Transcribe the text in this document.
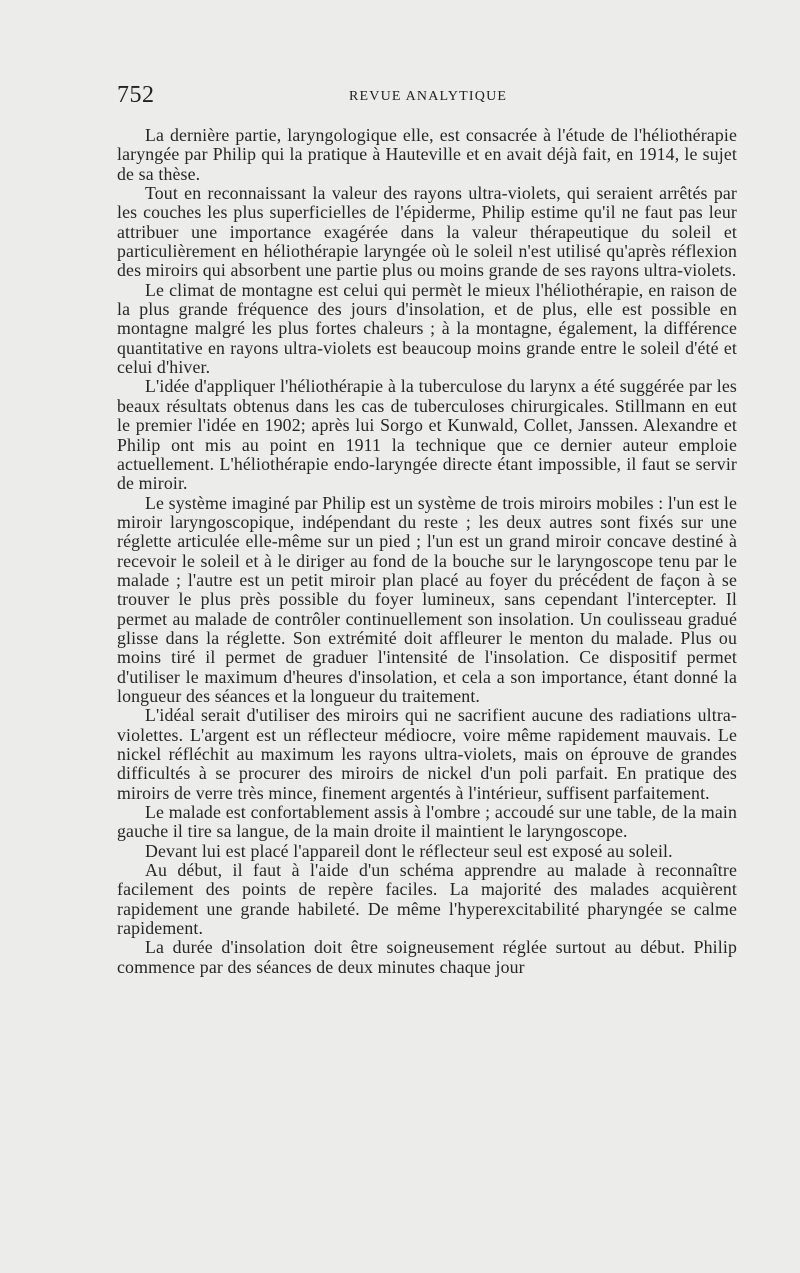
752	REVUE ANALYTIQUE

La dernière partie, laryngologique elle, est consacrée à l'étude de l'héliothérapie laryngée par Philip qui la pratique à Hauteville et en avait déjà fait, en 1914, le sujet de sa thèse.

Tout en reconnaissant la valeur des rayons ultra-violets, qui seraient arrêtés par les couches les plus superficielles de l'épiderme, Philip estime qu'il ne faut pas leur attribuer une importance exagérée dans la valeur thérapeutique du soleil et particulièrement en héliothérapie laryngée où le soleil n'est utilisé qu'après réflexion des miroirs qui absorbent une partie plus ou moins grande de ses rayons ultra-violets.

Le climat de montagne est celui qui permèt le mieux l'héliothérapie, en raison de la plus grande fréquence des jours d'insolation, et de plus, elle est possible en montagne malgré les plus fortes chaleurs ; à la montagne, également, la différence quantitative en rayons ultra-violets est beaucoup moins grande entre le soleil d'été et celui d'hiver.

L'idée d'appliquer l'héliothérapie à la tuberculose du larynx a été suggérée par les beaux résultats obtenus dans les cas de tuberculoses chirurgicales. Stillmann en eut le premier l'idée en 1902; après lui Sorgo et Kunwald, Collet, Janssen. Alexandre et Philip ont mis au point en 1911 la technique que ce dernier auteur emploie actuellement. L'héliothérapie endo-laryngée directe étant impossible, il faut se servir de miroir.

Le système imaginé par Philip est un système de trois miroirs mobiles : l'un est le miroir laryngoscopique, indépendant du reste ; les deux autres sont fixés sur une réglette articulée elle-même sur un pied ; l'un est un grand miroir concave destiné à recevoir le soleil et à le diriger au fond de la bouche sur le laryngoscope tenu par le malade ; l'autre est un petit miroir plan placé au foyer du précédent de façon à se trouver le plus près possible du foyer lumineux, sans cependant l'intercepter. Il permet au malade de contrôler continuellement son insolation. Un coulisseau gradué glisse dans la réglette. Son extrémité doit affleurer le menton du malade. Plus ou moins tiré il permet de graduer l'intensité de l'insolation. Ce dispositif permet d'utiliser le maximum d'heures d'insolation, et cela a son importance, étant donné la longueur des séances et la longueur du traitement.

L'idéal serait d'utiliser des miroirs qui ne sacrifient aucune des radiations ultra-violettes. L'argent est un réflecteur médiocre, voire même rapidement mauvais. Le nickel réfléchit au maximum les rayons ultra-violets, mais on éprouve de grandes difficultés à se procurer des miroirs de nickel d'un poli parfait. En pratique des miroirs de verre très mince, finement argentés à l'intérieur, suffisent parfaitement.

Le malade est confortablement assis à l'ombre ; accoudé sur une table, de la main gauche il tire sa langue, de la main droite il maintient le laryngoscope.

Devant lui est placé l'appareil dont le réflecteur seul est exposé au soleil.

Au début, il faut à l'aide d'un schéma apprendre au malade à reconnaître facilement des points de repère faciles. La majorité des malades acquièrent rapidement une grande habileté. De même l'hyperexcitabilité pharyngée se calme rapidement.

La durée d'insolation doit être soigneusement réglée surtout au début. Philip commence par des séances de deux minutes chaque jour
